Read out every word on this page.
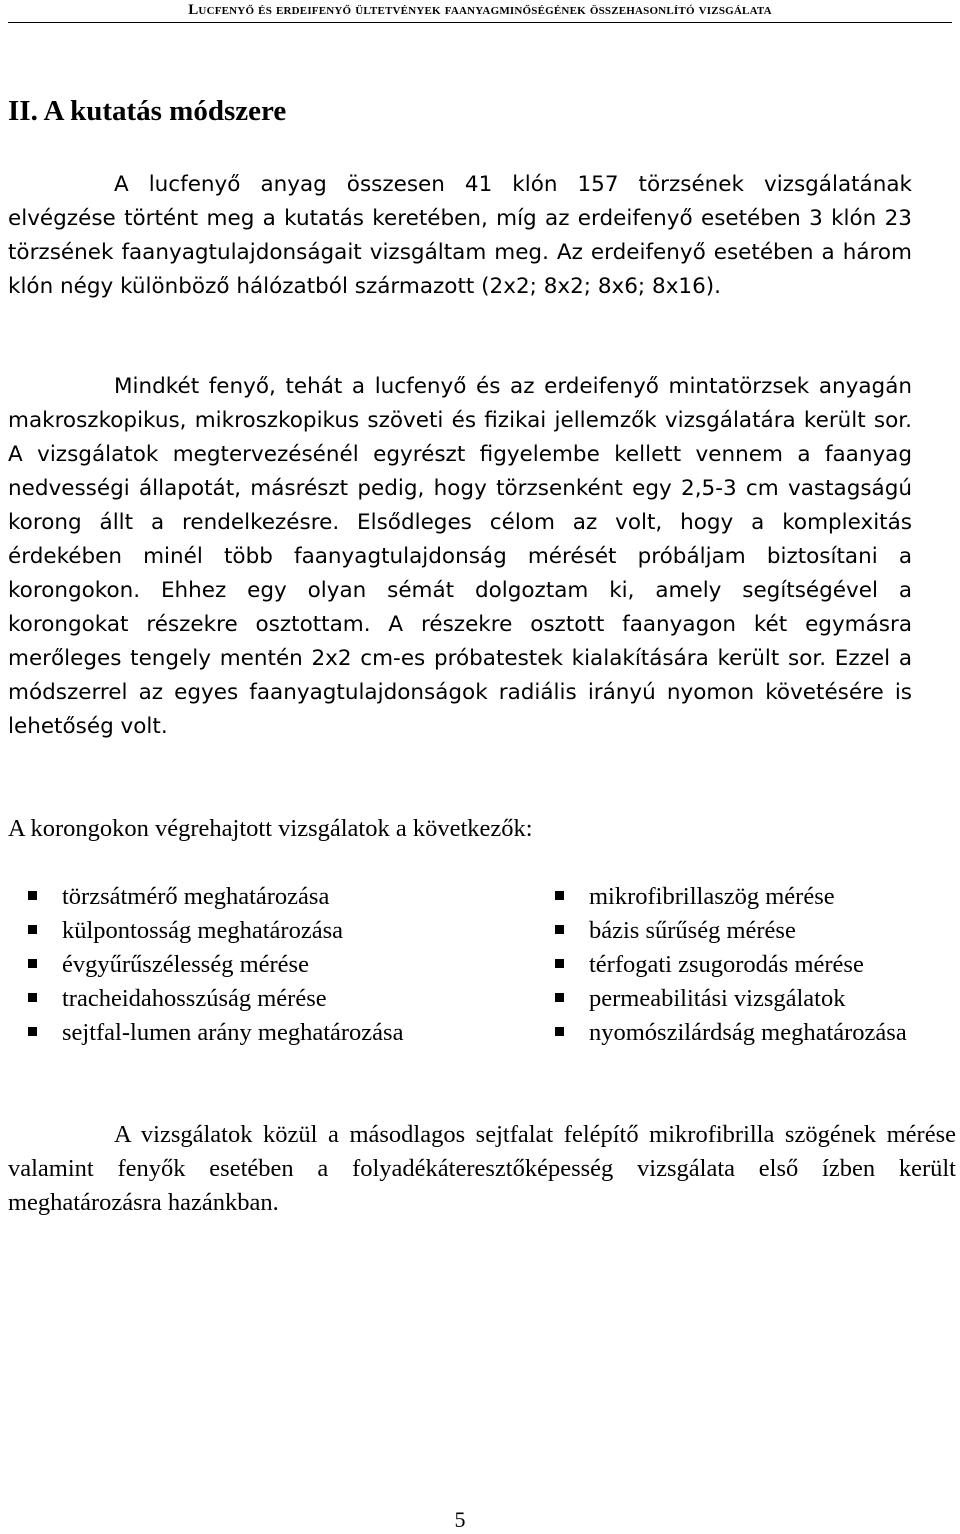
Lucfenyő és erdeifenyő ültetvények faanyagminőségének összehasonlító vizsgálata
II. A kutatás módszere

A lucfenyő anyag összesen 41 klón 157 törzsének vizsgálatának elvégzése történt meg a kutatás keretében, míg az erdeifenyő esetében 3 klón 23 törzsének faanyagtulajdonságait vizsgáltam meg. Az erdeifenyő esetében a három klón négy különböző hálózatból származott (2x2; 8x2; 8x6; 8x16).

Mindkét fenyő, tehát a lucfenyő és az erdeifenyő mintatörzsek anyagán makroszkopikus, mikroszkopikus szöveti és fizikai jellemzők vizsgálatára került sor. A vizsgálatok megtervezésénél egyrészt figyelembe kellett vennem a faanyag nedvességi állapotát, másrészt pedig, hogy törzsenként egy 2,5-3 cm vastagságú korong állt a rendelkezésre. Elsődleges célom az volt, hogy a komplexitás érdekében minél több faanyagtulajdonság mérését próbáljam biztosítani a korongokon. Ehhez egy olyan sémát dolgoztam ki, amely segítségével a korongokat részekre osztottam. A részekre osztott faanyagon két egymásra merőleges tengely mentén 2x2 cm-es próbatestek kialakítására került sor. Ezzel a módszerrel az egyes faanyagtulajdonságok radiális irányú nyomon követésére is lehetőség volt.

A korongokon végrehajtott vizsgálatok a következők:

törzsátmérő meghatározása
külpontosság meghatározása
évgyűrűszélesség mérése
tracheidahosszúság mérése
sejtfal-lumen arány meghatározása
mikrofibrillaszög mérése
bázis sűrűség mérése
térfogati zsugorodás mérése
permeabilitási vizsgálatok
nyomószilárdság meghatározása

A vizsgálatok közül a másodlagos sejtfalat felépítő mikrofibrilla szögének mérése valamint fenyők esetében a folyadékáteresztőképesség vizsgálata első ízben került meghatározásra hazánkban.

5
